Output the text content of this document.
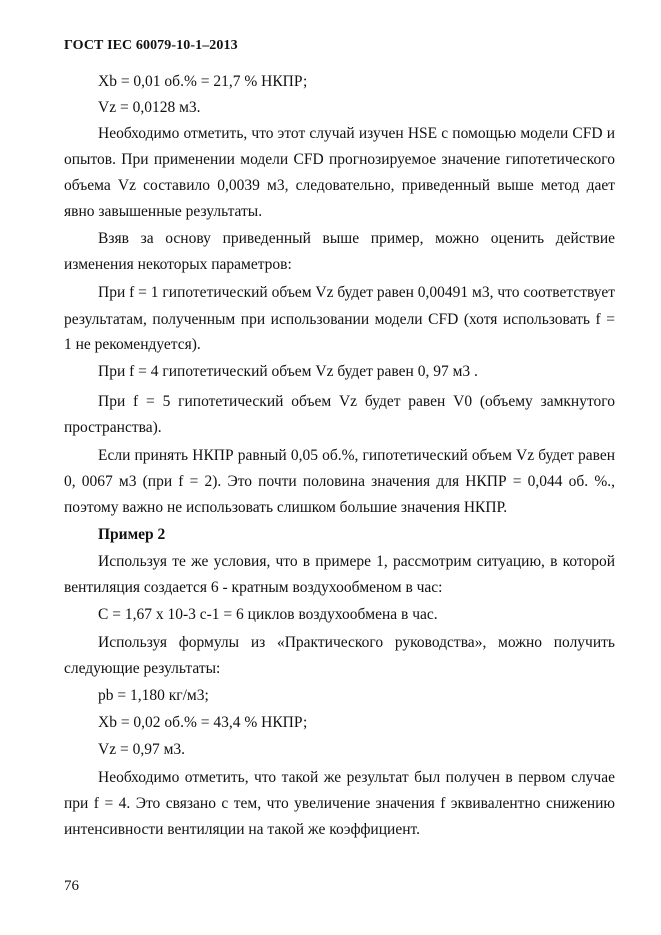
ГОСТ IEC 60079-10-1–2013
Xb = 0,01 об.% = 21,7 % НКПР;
Vz = 0,0128 м3.
Необходимо отметить, что этот случай изучен HSE с помощью модели CFD и
опытов. При применении модели CFD прогнозируемое значение гипотетического
объема Vz составило 0,0039 м3, следовательно, приведенный выше метод дает
явно завышенные результаты.
Взяв за основу приведенный выше пример, можно оценить действие
изменения некоторых параметров:
При f = 1 гипотетический объем Vz будет равен 0,00491 м3, что соответствует
результатам, полученным при использовании модели CFD (хотя использовать f =
1 не рекомендуется).
При f = 4 гипотетический объем Vz будет равен 0, 97 м3 .
При f = 5 гипотетический объем Vz будет равен V0 (объему замкнутого
пространства).
Если принять НКПР равный 0,05 об.%, гипотетический объем Vz будет равен
0, 0067 м3 (при f = 2). Это почти половина значения для НКПР = 0,044 об. %.,
поэтому важно не использовать слишком большие значения НКПР.
Пример 2
Используя те же условия, что в примере 1, рассмотрим ситуацию, в которой
вентиляция создается 6 - кратным воздухообменом в час:
C = 1,67 x 10-3 с-1 = 6 циклов воздухообмена в час.
Используя формулы из «Практического руководства», можно получить
следующие результаты:
pb = 1,180 кг/м3;
Xb = 0,02 об.% = 43,4 % НКПР;
Vz = 0,97 м3.
Необходимо отметить, что такой же результат был получен в первом случае
при f = 4. Это связано с тем, что увеличение значения f эквивалентно снижению
интенсивности вентиляции на такой же коэффициент.
76
